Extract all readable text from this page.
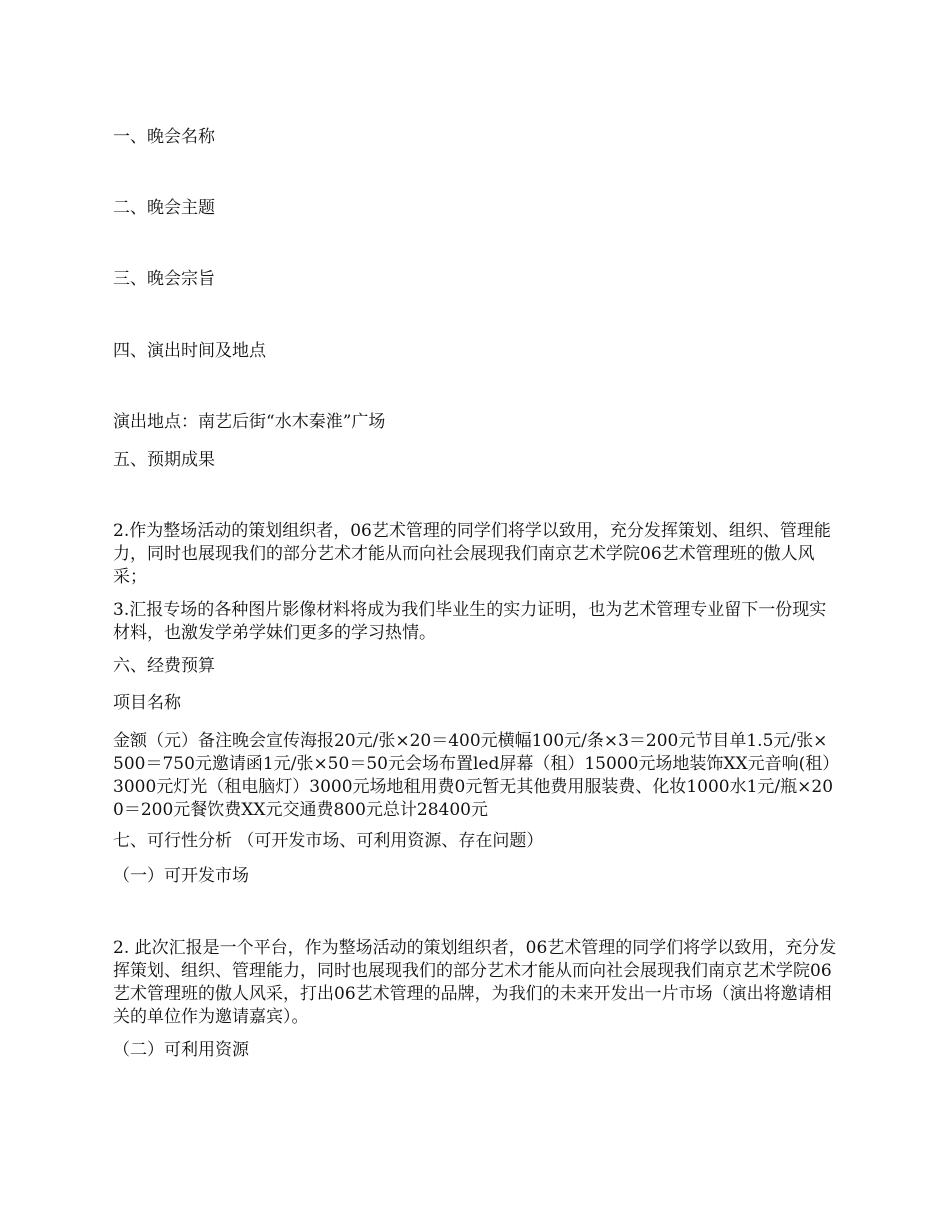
一、晚会名称

二、晚会主题

三、晚会宗旨

四、演出时间及地点

演出地点：南艺后街“水木秦淮”广场

五、预期成果

2.作为整场活动的策划组织者，06艺术管理的同学们将学以致用，充分发挥策划、组织、管理能力，同时也展现我们的部分艺术才能从而向社会展现我们南京艺术学院06艺术管理班的傲人风采；

3.汇报专场的各种图片影像材料将成为我们毕业生的实力证明，也为艺术管理专业留下一份现实材料，也激发学弟学妹们更多的学习热情。

六、经费预算

项目名称

金额（元）备注晚会宣传海报20元/张×20＝400元横幅100元/条×3＝200元节目单1.5元/张×500＝750元邀请函1元/张×50＝50元会场布置led屏幕（租）15000元场地装饰XX元音响(租）3000元灯光（租电脑灯）3000元场地租用费0元暂无其他费用服装费、化妆1000水1元/瓶×200＝200元餐饮费XX元交通费800元总计28400元

七、可行性分析 （可开发市场、可利用资源、存在问题）

（一）可开发市场

2. 此次汇报是一个平台，作为整场活动的策划组织者，06艺术管理的同学们将学以致用，充分发挥策划、组织、管理能力，同时也展现我们的部分艺术才能从而向社会展现我们南京艺术学院06艺术管理班的傲人风采，打出06艺术管理的品牌，为我们的未来开发出一片市场（演出将邀请相关的单位作为邀请嘉宾）。

（二）可利用资源
